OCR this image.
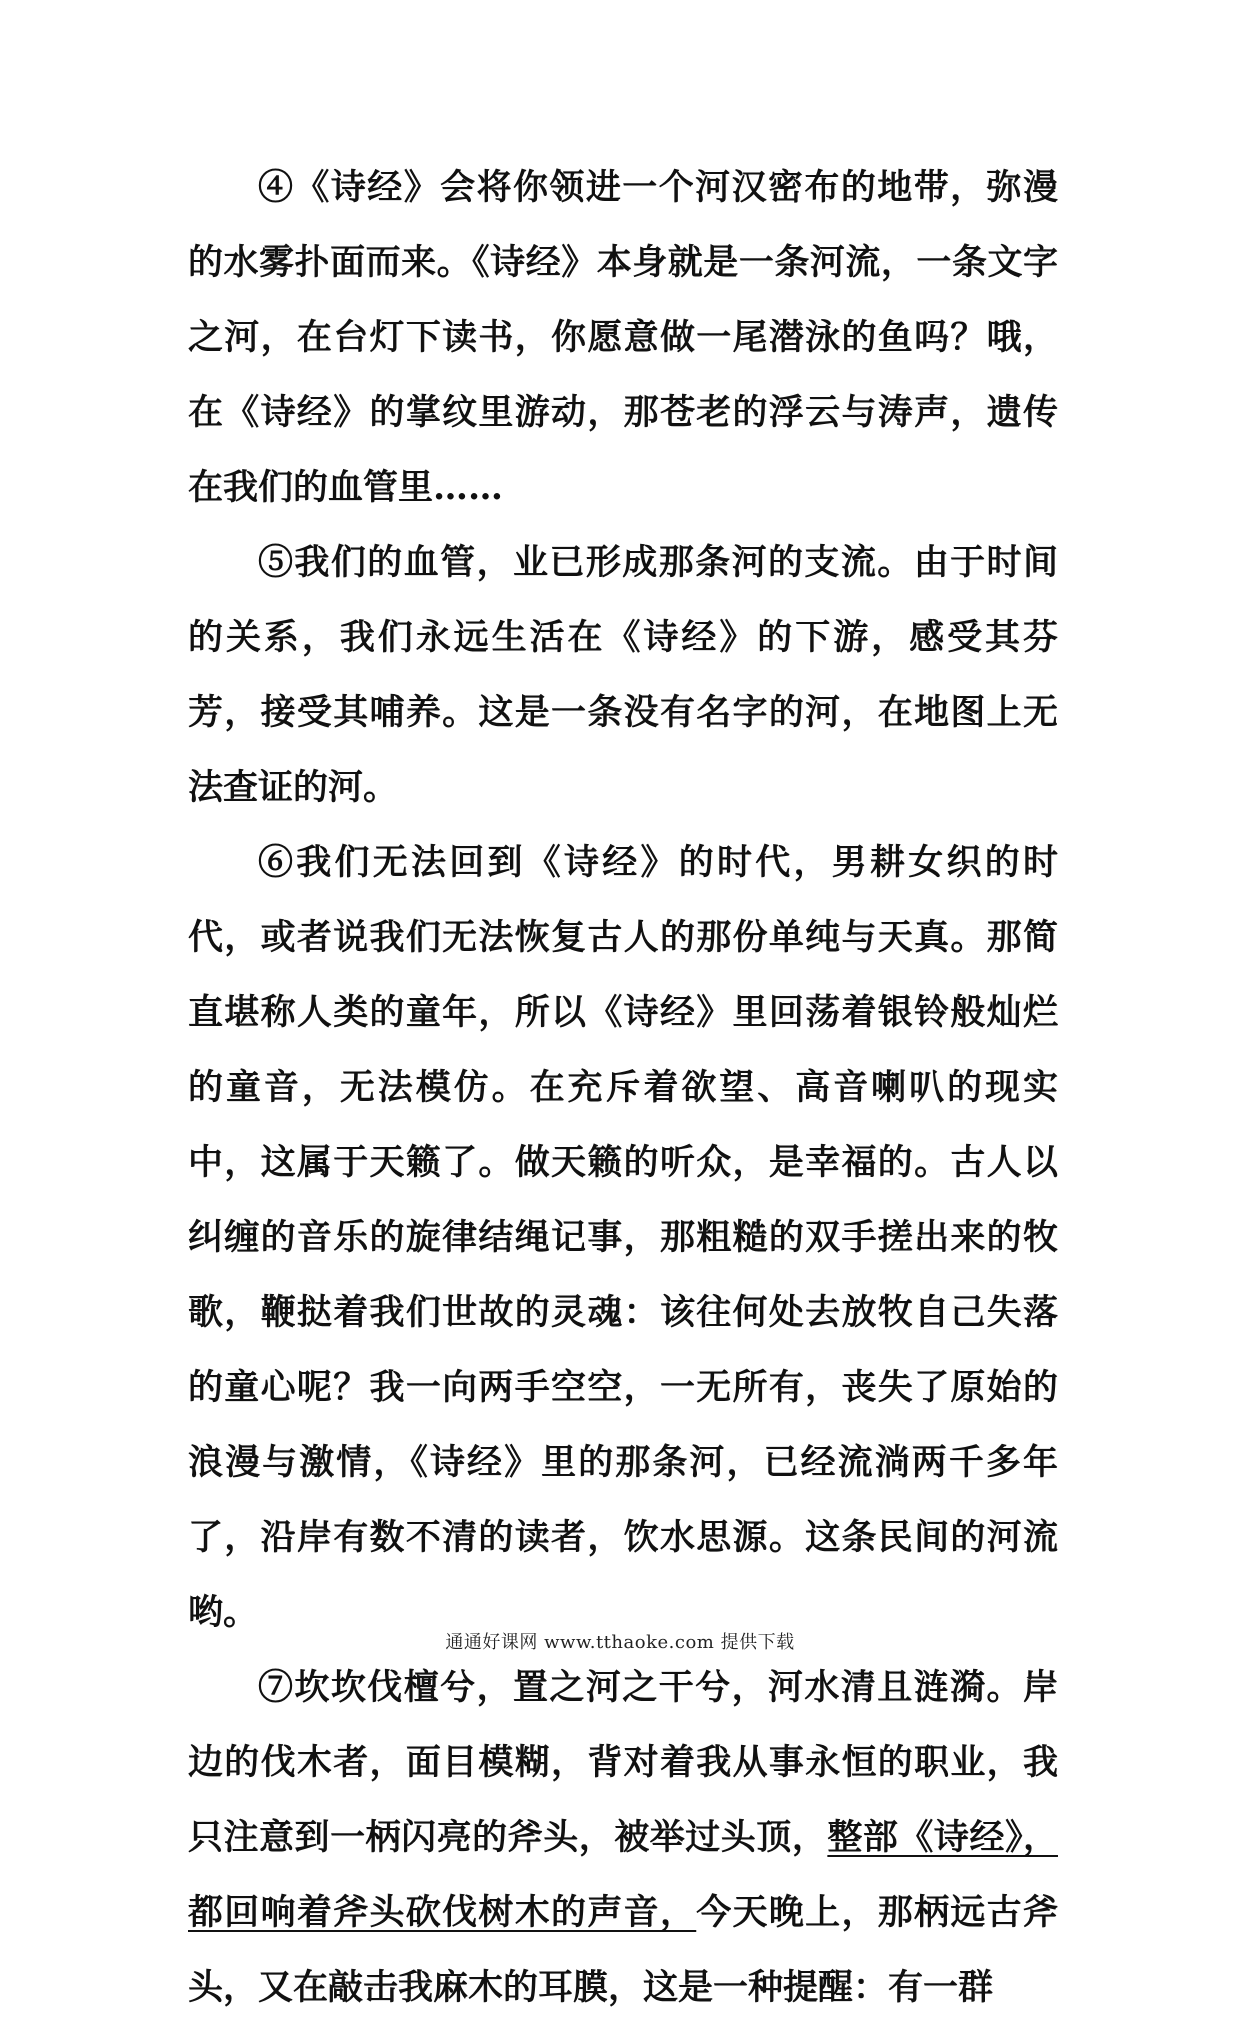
④《诗经》会将你领进一个河汉密布的地带，弥漫的水雾扑面而来。《诗经》本身就是一条河流，一条文字之河，在台灯下读书，你愿意做一尾潜泳的鱼吗？哦，在《诗经》的掌纹里游动，那苍老的浮云与涛声，遗传在我们的血管里……

⑤我们的血管，业已形成那条河的支流。由于时间的关系，我们永远生活在《诗经》的下游，感受其芬芳，接受其哺养。这是一条没有名字的河，在地图上无法查证的河。

⑥我们无法回到《诗经》的时代，男耕女织的时代，或者说我们无法恢复古人的那份单纯与天真。那简直堪称人类的童年，所以《诗经》里回荡着银铃般灿烂的童音，无法模仿。在充斥着欲望、高音喇叭的现实中，这属于天籁了。做天籁的听众，是幸福的。古人以纠缠的音乐的旋律结绳记事，那粗糙的双手搓出来的牧歌，鞭挞着我们世故的灵魂：该往何处去放牧自己失落的童心呢？我一向两手空空，一无所有，丧失了原始的浪漫与激情，《诗经》里的那条河，已经流淌两千多年了，沿岸有数不清的读者，饮水思源。这条民间的河流哟。

⑦坎坎伐檀兮，置之河之干兮，河水清且涟漪。岸边的伐木者，面目模糊，背对着我从事永恒的职业，我只注意到一柄闪亮的斧头，被举过头顶，整部《诗经》，都回响着斧头砍伐树木的声音，今天晚上，那柄远古斧头，又在敲击我麻木的耳膜，这是一种提醒：有一群

通通好课网 www.tthaoke.com 提供下载
